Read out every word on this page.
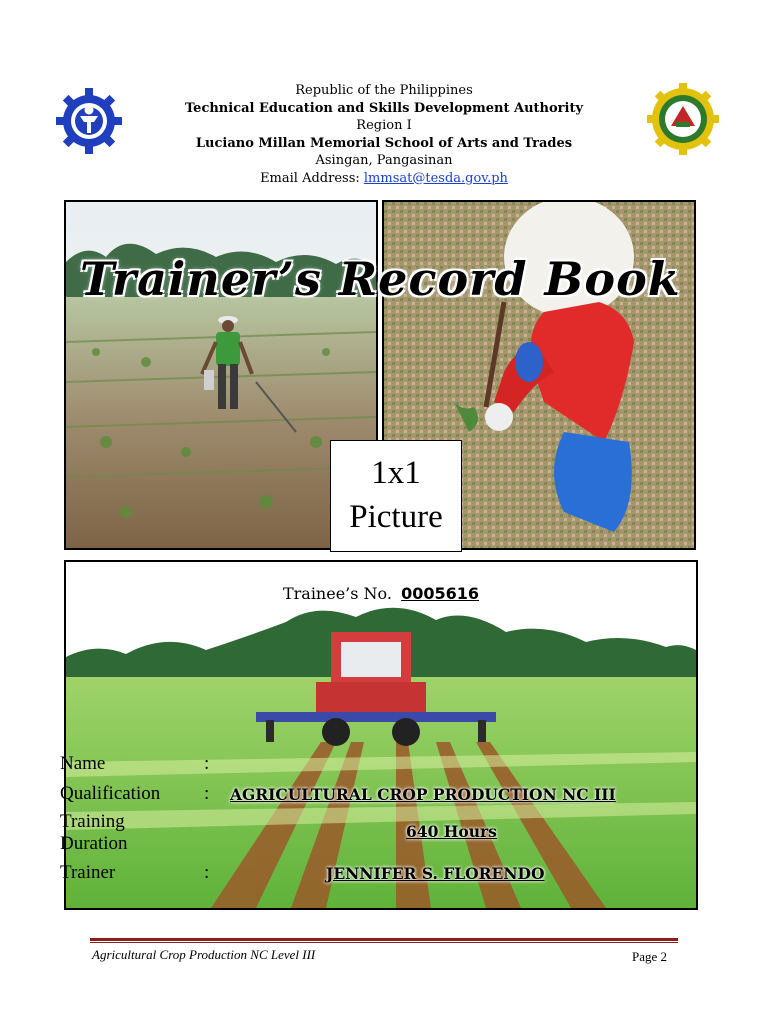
Republic of the Philippines
Technical Education and Skills Development Authority
Region I
Luciano Millan Memorial School of Arts and Trades
Asingan, Pangasinan
Email Address: lmmsat@tesda.gov.ph
Trainer’s Record Book
1x1
Picture
Trainee’s No. 0005616
Name	:
Qualification : AGRICULTURAL CROP PRODUCTION NC III
Training
Duration
640 Hours
Trainer	:	JENNIFER S. FLORENDO
Agricultural Crop Production NC Level III	Page 2
